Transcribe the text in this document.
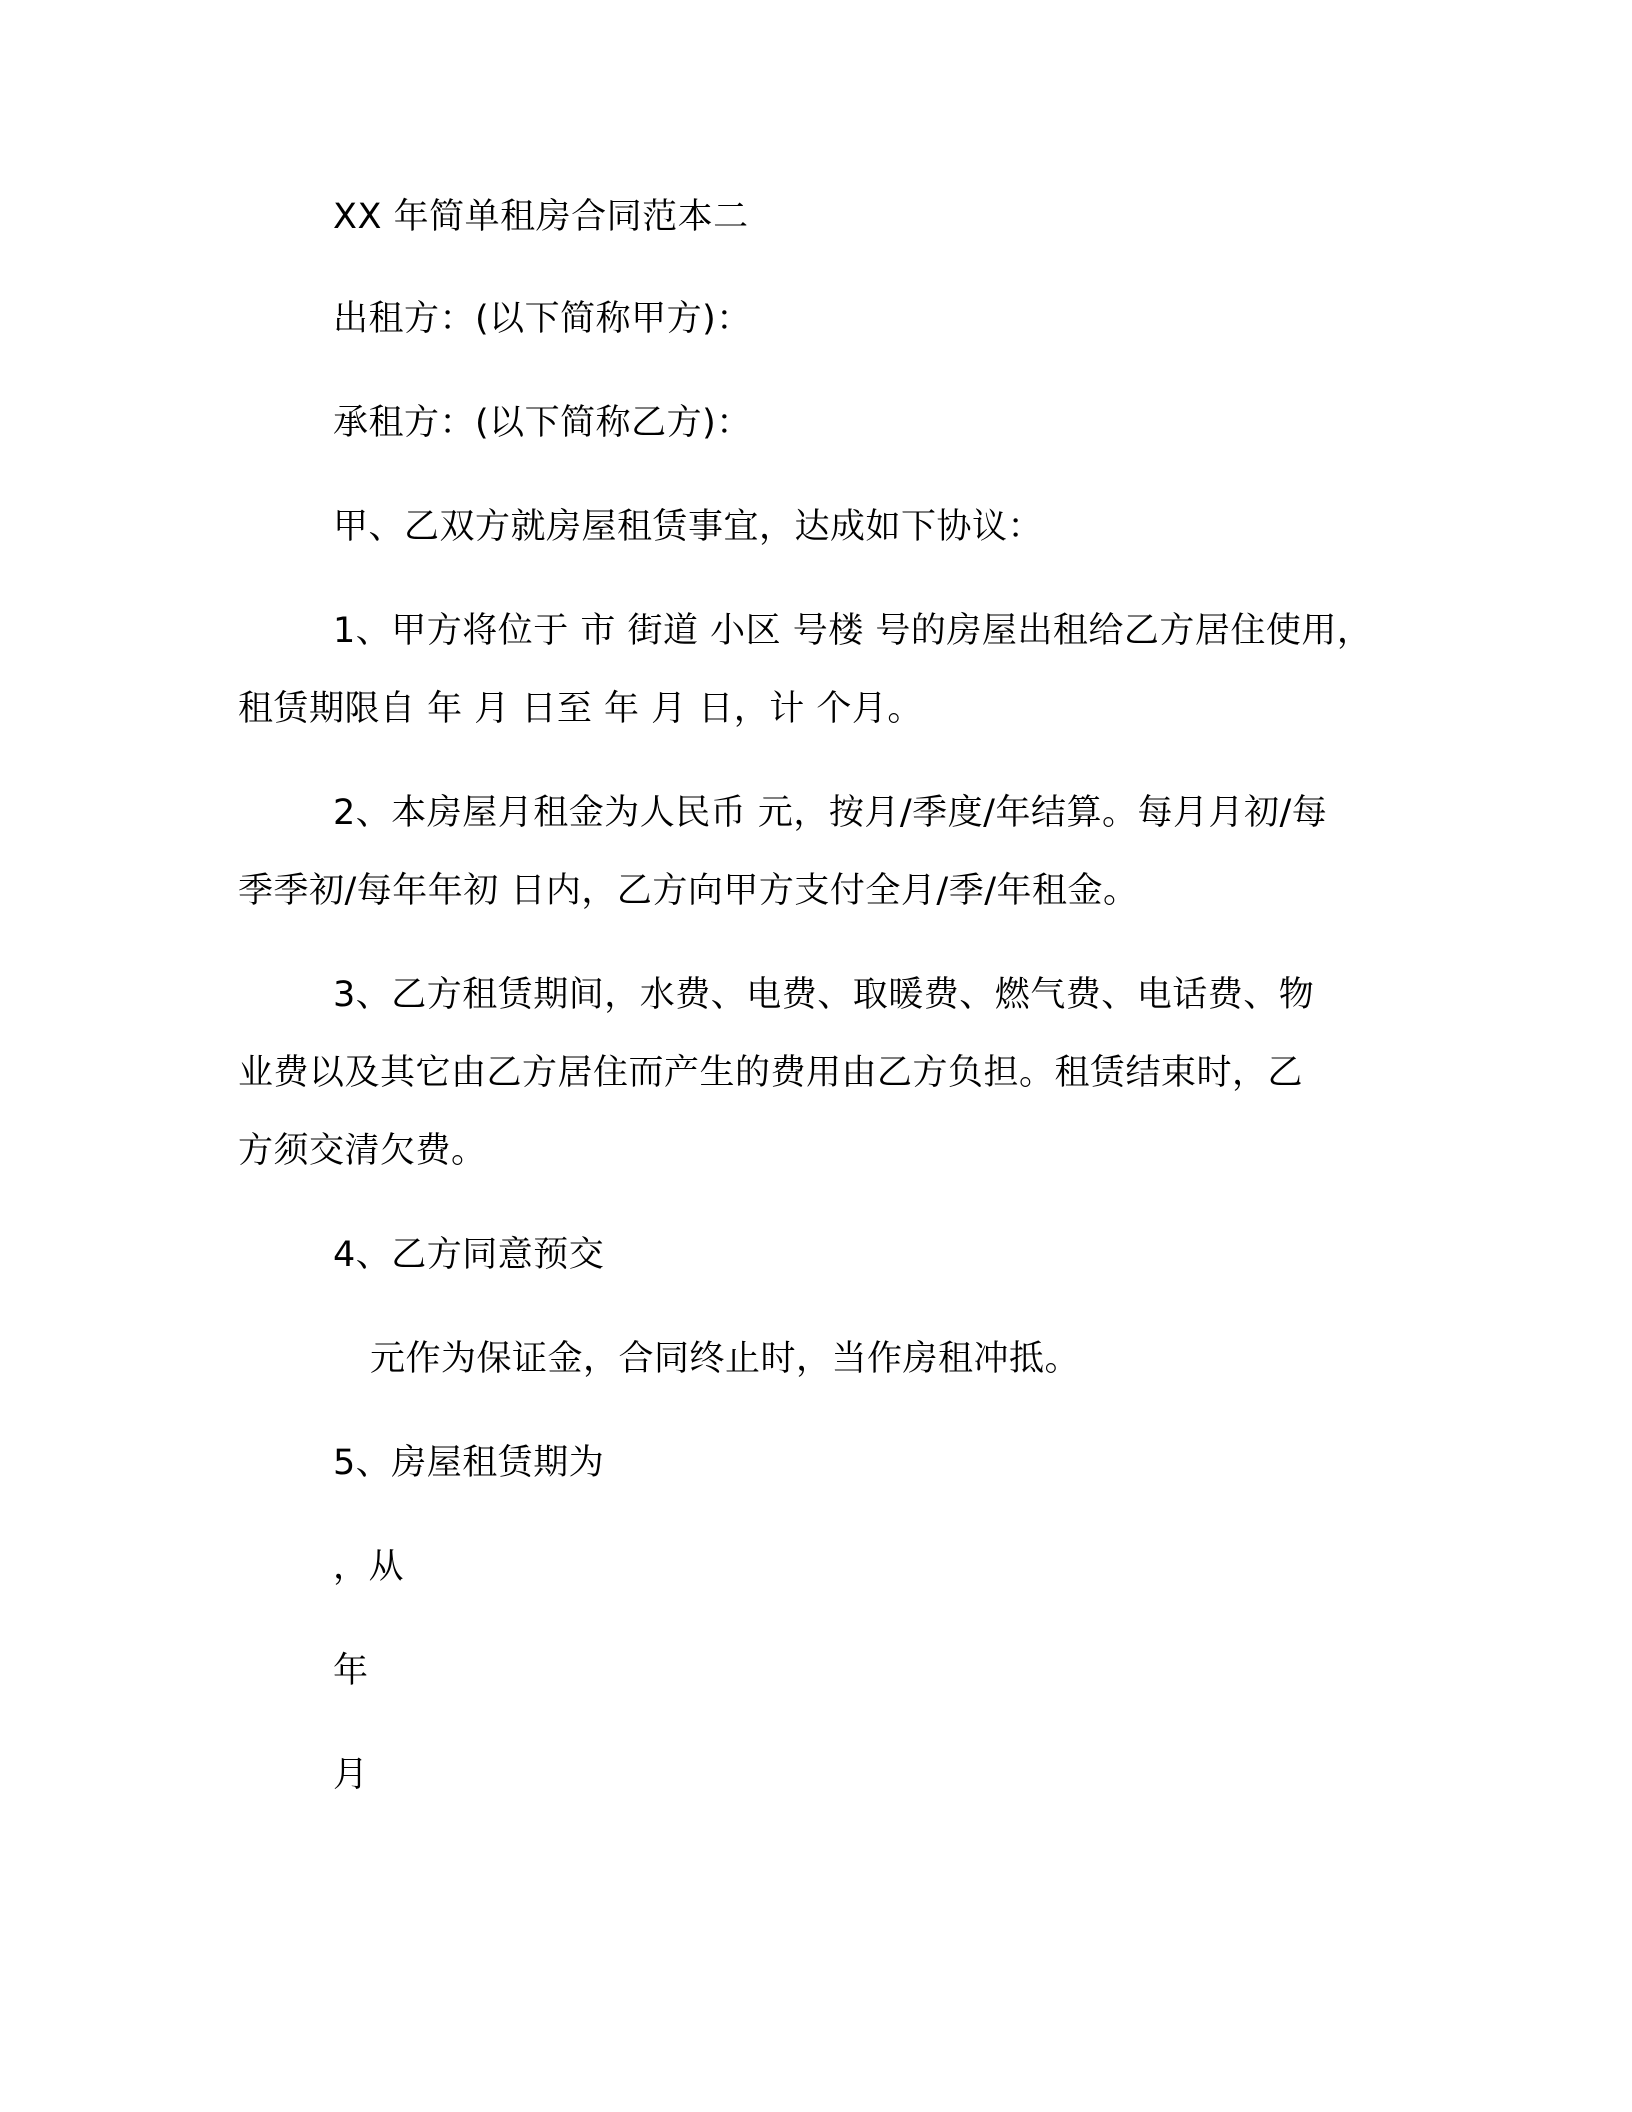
XX 年简单租房合同范本二
出租方：(以下简称甲方)：
承租方：(以下简称乙方)：
甲、乙双方就房屋租赁事宜，达成如下协议：
1、甲方将位于 市 街道 小区 号楼 号的房屋出租给乙方居住使用，
租赁期限自 年 月 日至 年 月 日，计 个月。
2、本房屋月租金为人民币 元，按月/季度/年结算。每月月初/每
季季初/每年年初 日内，乙方向甲方支付全月/季/年租金。
3、乙方租赁期间，水费、电费、取暖费、燃气费、电话费、物
业费以及其它由乙方居住而产生的费用由乙方负担。租赁结束时，乙
方须交清欠费。
4、乙方同意预交
元作为保证金，合同终止时，当作房租冲抵。
5、房屋租赁期为
，从
年
月
